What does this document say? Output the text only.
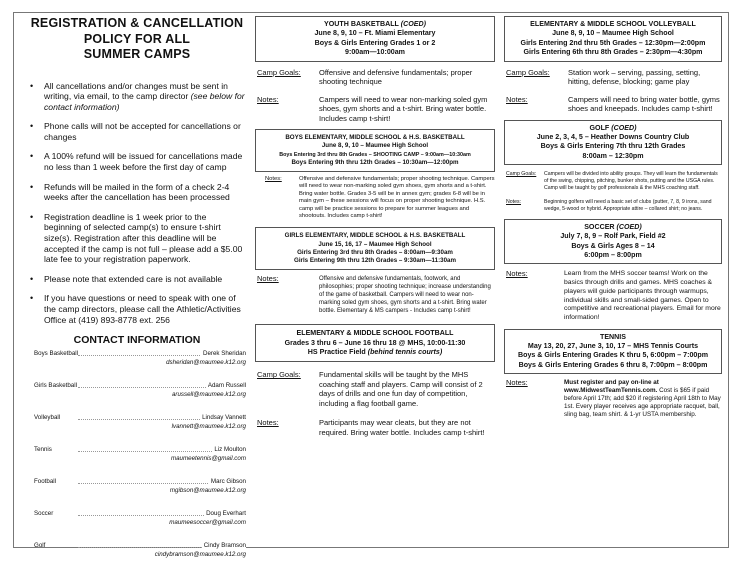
REGISTRATION & CANCELLATION
POLICY FOR ALL
SUMMER CAMPS
• All cancellations and/or changes must be sent in writing, via email, to the camp director (see below for contact information)
• Phone calls will not be accepted for cancellations or changes
• A 100% refund will be issued for cancellations made no less than 1 week before the first day of camp
• Refunds will be mailed in the form of a check 2-4 weeks after the cancellation has been processed
• Registration deadline is 1 week prior to the beginning of selected camp(s) to ensure t-shirt size(s). Registration after this deadline will be accepted if the camp is not full – please add a $5.00 late fee to your registration paperwork.
• Please note that extended care is not available
• If you have questions or need to speak with one of the camp directors, please call the Athletic/Activities Office at (419) 893-8778 ext. 256
CONTACT INFORMATION
Boys Basketball	Derek Sheridan
dsheridan@maumee.k12.org
Girls Basketball	Adam Russell
arussell@maumee.k12.org
Volleyball	Lindsay Vannett
lvannett@maumee.k12.org
Tennis	Liz Moulton
maumeetennis@gmail.com
Football	Marc Gibson
mgibson@maumee.k12.org
Soccer	Doug Everhart
maumeesoccer@gmail.com
Golf	Cindy Bramson
cindybramson@maumee.k12.org
YOUTH BASKETBALL (COED)
June 8, 9, 10 – Ft. Miami Elementary
Boys & Girls Entering Grades 1 or 2
9:00am—10:00am
Camp Goals: Offensive and defensive fundamentals; proper shooting technique
Notes:	Campers will need to wear non-marking soled gym shoes, gym shorts and a t-shirt. Bring water bottle. Includes camp t-shirt!
BOYS ELEMENTARY, MIDDLE SCHOOL & H.S. BASKETBALL
June 8, 9, 10 – Maumee High School
Boys Entering 3rd thru 8th Grades – SHOOTING CAMP – 9:00am—10:30am
Boys Entering 9th thru 12th Grades – 10:30am—12:00pm
Notes:	Offensive and defensive fundamentals; proper shooting technique. Campers will need to wear non-marking soled gym shoes, gym shorts and a t-shirt. Bring water bottle. Grades 3-5 will be in annex gym; grades 6-8 will be in main gym – these sessions will focus on proper shooting technique. H.S. camp will be practice sessions to prepare for summer leagues and shootouts. Includes camp t-shirt!
GIRLS ELEMENTARY, MIDDLE SCHOOL & H.S. BASKETBALL
June 15, 16, 17 – Maumee High School
Girls Entering 3rd thru 8th Grades – 8:00am—9:30am
Girls Entering 9th thru 12th Grades – 9:30am—11:30am
Notes:	Offensive and defensive fundamentals, footwork, and philosophies; proper shooting technique; increase understanding of the game of basketball. Campers will need to wear non-marking soled gym shoes, gym shorts and a t-shirt. Bring water bottle. Elementary & MS campers - Includes camp t-shirt!
ELEMENTARY & MIDDLE SCHOOL FOOTBALL
Grades 3 thru 6 – June 16 thru 18 @ MHS, 10:00-11:30
HS Practice Field (behind tennis courts)
Camp Goals: Fundamental skills will be taught by the MHS coaching staff and players. Camp will consist of 2 days of drills and one fun day of competition, including a flag football game.
Notes:	Participants may wear cleats, but they are not required. Bring water bottle. Includes camp t-shirt!
ELEMENTARY & MIDDLE SCHOOL VOLLEYBALL
June 8, 9, 10 – Maumee High School
Girls Entering 2nd thru 5th Grades – 12:30pm—2:00pm
Girls Entering 6th thru 8th Grades – 2:30pm—4:30pm
Camp Goals: Station work – serving, passing, setting, hitting, defense, blocking; game play
Notes:	Campers will need to bring water bottle, gyms shoes and kneepads. Includes camp t-shirt!
GOLF (COED)
June 2, 3, 4, 5 – Heather Downs Country Club
Boys & Girls Entering 7th thru 12th Grades
8:00am – 12:30pm
Camp Goals: Campers will be divided into ability groups. They will learn the fundamentals of the swing, chipping, pitching, bunker shots, putting and the USGA rules. Camp will be taught by golf professionals & the MHS coaching staff.
Notes:	Beginning golfers will need a basic set of clubs (putter, 7, 8, 9 irons, sand wedge, 5-wood or hybrid. Appropriate attire – collared shirt; no jeans.
SOCCER (COED)
July 7, 8, 9 – Rolf Park, Field #2
Boys & Girls Ages 8 – 14
6:00pm – 8:00pm
Notes:	Learn from the MHS soccer teams! Work on the basics through drills and games. MHS coaches & players will guide participants through warmups, individual skills and small-sided games. Open to competitive and recreational players. Email for more information!
TENNIS
May 13, 20, 27, June 3, 10, 17 – MHS Tennis Courts
Boys & Girls Entering Grades K thru 5, 6:00pm – 7:00pm
Boys & Girls Entering Grades 6 thru 8, 7:00pm – 8:00pm
Notes:	Must register and pay on-line at www.MidwestTeamTennis.com. Cost is $65 if paid before April 17th; add $20 if registering April 18th to May 1st. Every player receives age appropriate racquet, ball, sling bag, team shirt. & 1-yr USTA membership.
